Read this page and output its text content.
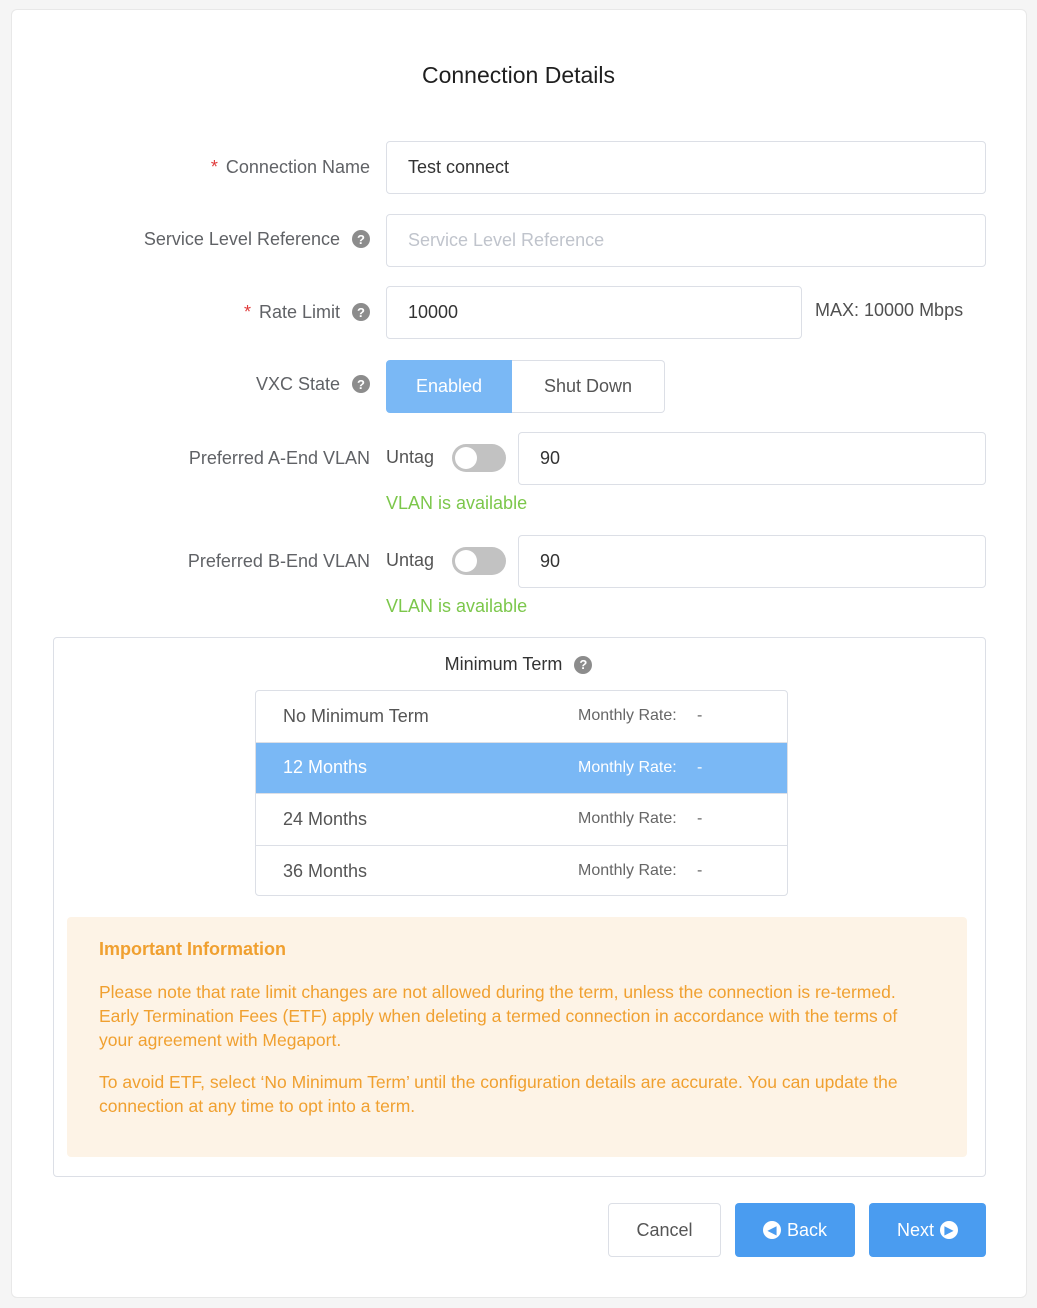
Connection Details
* Connection Name	Test connect
Service Level Reference	?	Service Level Reference
* Rate Limit	?	10000	MAX: 10000 Mbps
VXC State	?	Enabled	Shut Down
Preferred A-End VLAN Untag	90
VLAN is available
Preferred B-End VLAN Untag	90
VLAN is available
Minimum Term	?
No Minimum Term	Monthly Rate: -
12 Months	Monthly Rate: -
24 Months	Monthly Rate: -
36 Months	Monthly Rate: -
Important Information

Please note that rate limit changes are not allowed during the term, unless the connection is re-termed. Early Termination Fees (ETF) apply when deleting a termed connection in accordance with the terms of your agreement with Megaport.

To avoid ETF, select ‘No Minimum Term’ until the configuration details are accurate. You can update the connection at any time to opt into a term.

Cancel	◀ Back	Next ▶
